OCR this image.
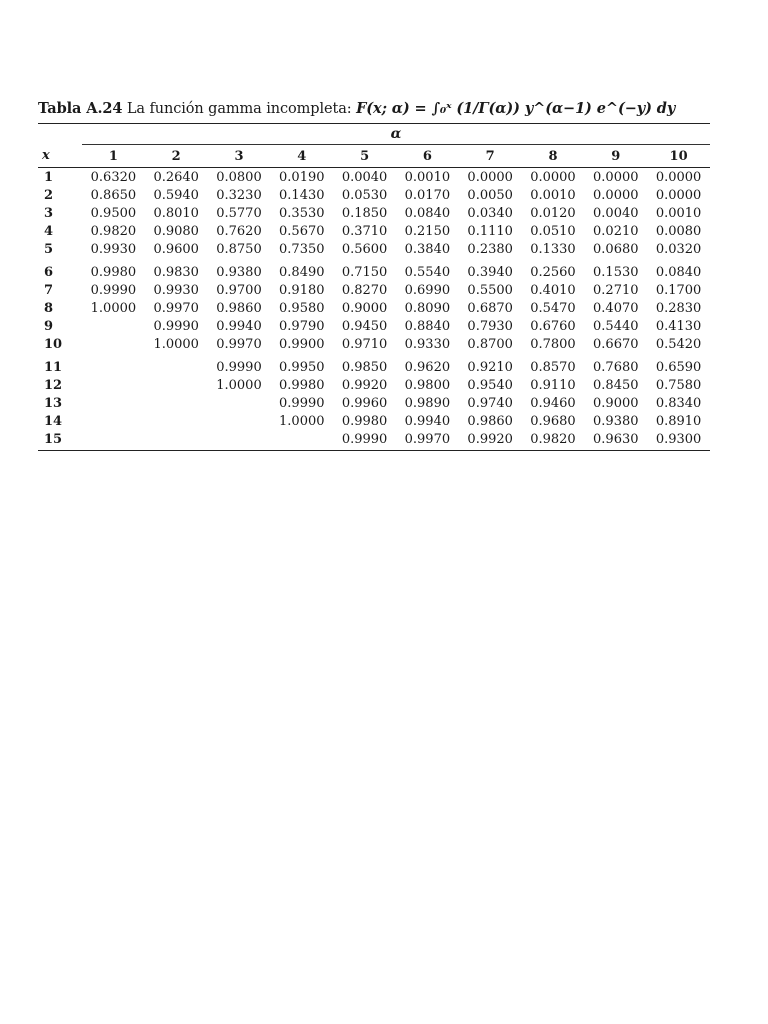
Tabla A.24 La función gamma incompleta: F(x; α) = ∫₀ˣ (1/Γ(α)) y^(α−1) e^(−y) dy
	α									
x	1	2	3	4	5	6	7	8	9	10
1	0.6320	0.2640	0.0800	0.0190	0.0040	0.0010	0.0000	0.0000	0.0000	0.0000
2	0.8650	0.5940	0.3230	0.1430	0.0530	0.0170	0.0050	0.0010	0.0000	0.0000
3	0.9500	0.8010	0.5770	0.3530	0.1850	0.0840	0.0340	0.0120	0.0040	0.0010
4	0.9820	0.9080	0.7620	0.5670	0.3710	0.2150	0.1110	0.0510	0.0210	0.0080
5	0.9930	0.9600	0.8750	0.7350	0.5600	0.3840	0.2380	0.1330	0.0680	0.0320
6	0.9980	0.9830	0.9380	0.8490	0.7150	0.5540	0.3940	0.2560	0.1530	0.0840
7	0.9990	0.9930	0.9700	0.9180	0.8270	0.6990	0.5500	0.4010	0.2710	0.1700
8	1.0000	0.9970	0.9860	0.9580	0.9000	0.8090	0.6870	0.5470	0.4070	0.2830
9		0.9990	0.9940	0.9790	0.9450	0.8840	0.7930	0.6760	0.5440	0.4130
10		1.0000	0.9970	0.9900	0.9710	0.9330	0.8700	0.7800	0.6670	0.5420
11			0.9990	0.9950	0.9850	0.9620	0.9210	0.8570	0.7680	0.6590
12			1.0000	0.9980	0.9920	0.9800	0.9540	0.9110	0.8450	0.7580
13				0.9990	0.9960	0.9890	0.9740	0.9460	0.9000	0.8340
14				1.0000	0.9980	0.9940	0.9860	0.9680	0.9380	0.8910
15					0.9990	0.9970	0.9920	0.9820	0.9630	0.9300
